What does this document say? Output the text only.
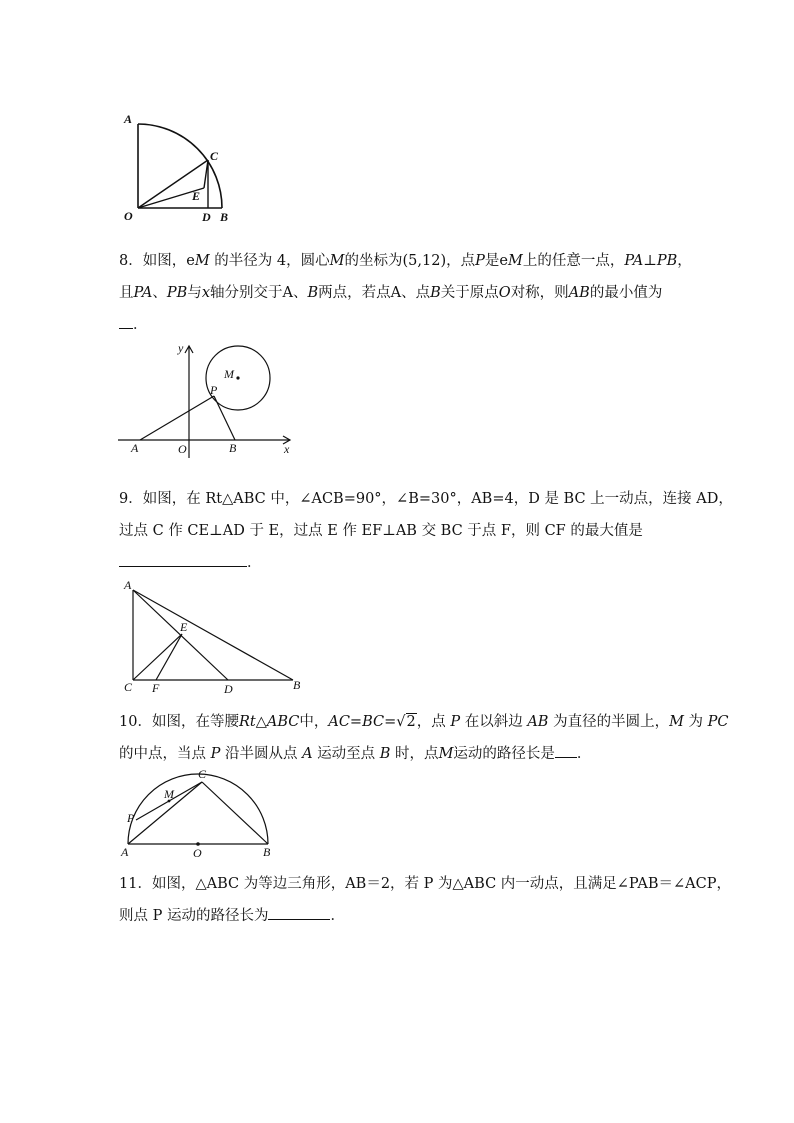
A
C
E
O	D B
8．如图，eM 的半径为 4，圆心M的坐标为(5,12)，点P是eM上的任意一点，PA⊥PB，
且PA、PB与x轴分别交于A、B两点，若点A、点B关于原点O对称，则AB的最小值为
．
y
M
P
A	O	B	x
9．如图，在 Rt△ABC 中，∠ACB=90°，∠B=30°，AB=4，D 是 BC 上一动点，连接 AD，
过点 C 作 CE⊥AD 于 E，过点 E 作 EF⊥AB 交 BC 于点 F，则 CF 的最大值是
．
A
E
C F	D	B
10．如图，在等腰Rt△ABC中，AC=BC=√2，点 P 在以斜边 AB 为直径的半圆上，M 为 PC
的中点，当点 P 沿半圆从点 A 运动至点 B 时，点M运动的路径长是 ．
C
M
P
A	O	B
11．如图，△ABC 为等边三角形，AB＝2，若 P 为△ABC 内一动点，且满足∠PAB＝∠ACP，
则点 P 运动的路径长为	．
